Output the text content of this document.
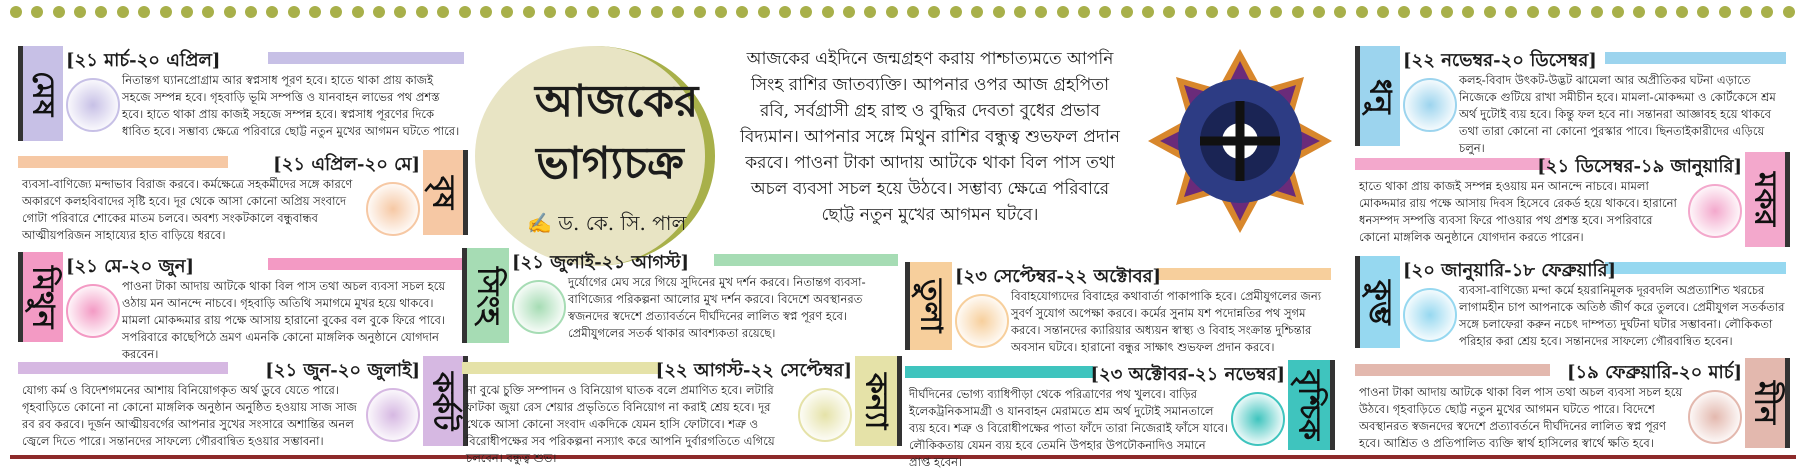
আজকের ভাগ্যচক্র
✍ ড. কে. সি. পাল
আজকের এইদিনে জন্মগ্রহণ করায় পাশ্চাত্যমতে আপনি সিংহ রাশির জাতব্যক্তি। আপনার ওপর আজ গ্রহপিতা রবি, সর্বগ্রাসী গ্রহ রাহু ও বুদ্ধির দেবতা বুধের প্রভাব বিদ্যমান। আপনার সঙ্গে মিথুন রাশির বন্ধুত্ব শুভফল প্রদান করবে। পাওনা টাকা আদায় আটকে থাকা বিল পাস তথা অচল ব্যবসা সচল হয়ে উঠবে। সম্ভাব্য ক্ষেত্রে পরিবারে ছোট্ট নতুন মুখের আগমন ঘটবে।
মেষ
[২১ মার্চ-২০ এপ্রিল]
নিতান্তগ ঘ্যানপ্রোগ্রাম আর স্বপ্নসাধ পূরণ হবে। হাতে থাকা প্রায় কাজই সহজে সম্পন্ন হবে। গৃহবাড়ি ভূমি সম্পত্তি ও যানবাহন লাভের পথ প্রশস্ত হবে। হাতে থাকা প্রায় কাজই সহজে সম্পন্ন হবে। স্বপ্নসাধ পূরণের দিকে ধাবিত হবে। সম্ভাব্য ক্ষেত্রে পরিবারে ছোট্ট নতুন মুখের আগমন ঘটতে পারে।
বৃষ
[২১ এপ্রিল-২০ মে]
ব্যবসা-বাণিজ্যে মন্দাভাব বিরাজ করবে। কর্মক্ষেত্রে সহকর্মীদের সঙ্গে কারণে অকারণে কলহবিবাদের সৃষ্টি হবে। দূর থেকে আসা কোনো অপ্রিয় সংবাদে গোটা পরিবারে শোকের মাতম চলবে। অবশ্য সংকটকালে বন্ধুবান্ধব আত্মীয়পরিজন সাহায্যের হাত বাড়িয়ে ধরবে।
মিথুন [২১ মে-২০ জুন]
পাওনা টাকা আদায় আটকে থাকা বিল পাস তথা অচল ব্যবসা সচল হয়ে ওঠায় মন আনন্দে নাচবে। গৃহবাড়ি অতিথি সমাগমে মুখর হয়ে থাকবে। মামলা মোকদ্দমার রায় পক্ষে আসায় হারানো বুকের বল বুকে ফিরে পাবে। সপরিবারে কাছেপিঠে ভ্রমণ এমনকি কোনো মাঙ্গলিক অনুষ্ঠানে যোগদান করবেন।
কর্কট
[২১ জুন-২০ জুলাই]
যোগ্য কর্ম ও বিদেশগমনের আশায় বিনিয়োগকৃত অর্থ ডুবে যেতে পারে। গৃহবাড়িতে কোনো না কোনো মাঙ্গলিক অনুষ্ঠান অনুষ্ঠিত হওয়ায় সাজ সাজ রব রব করবে। দূর্জন আত্মীয়বর্গের আপনার সুখের সংসারে অশান্তির অনল জ্বেলে দিতে পারে। সন্তানদের সাফল্যে গৌরবান্বিত হওয়ার সম্ভাবনা।
সিংহ
[২১ জুলাই-২১ আগস্ট]
দুর্যোগের মেঘ সরে গিয়ে সুদিনের মুখ দর্শন করবে। নিতান্তগ ব্যবসা-বাণিজ্যের পরিকল্পনা আলোর মুখ দর্শন করবে। বিদেশে অবস্থানরত স্বজনদের স্বদেশে প্রত্যাবর্তনে দীর্ঘদিনের লালিত স্বপ্ন পূরণ হবে। প্রেমীযুগলের সতর্ক থাকার আবশ্যকতা রয়েছে।
কন্যা
[২২ আগস্ট-২২ সেপ্টেম্বর]
না বুঝে চুক্তি সম্পাদন ও বিনিয়োগ ঘাতক বলে প্রমাণিত হবে। লটারি ফাটকা জুয়া রেস শেয়ার প্রভৃতিতে বিনিয়োগ না করাই শ্রেয় হবে। দূর থেকে আসা কোনো সংবাদ একদিকে যেমন হাসি ফোটাবে। শত্রু ও বিরোধীপক্ষের সব পরিকল্পনা নস্যাৎ করে আপনি দুর্বারগতিতে এগিয়ে চলবেন। বন্ধুত্ব শুভ।
তুলা
[২৩ সেপ্টেম্বর-২২ অক্টোবর]
বিবাহযোগ্যদের বিবাহের কথাবার্তা পাকাপাকি হবে। প্রেমীযুগলের জন্য সুবর্ণ সুযোগ অপেক্ষা করবে। কর্মের সুনাম যশ পদোন্নতির পথ সুগম করবে। সন্তানদের ক্যারিয়ার অধ্যয়ন স্বাস্থ্য ও বিবাহ সংক্রান্ত দুশ্চিন্তার অবসান ঘটবে। হারানো বন্ধুর সাক্ষাৎ শুভফল প্রদান করবে।
বৃশ্চিক
[২৩ অক্টোবর-২১ নভেম্বর]
দীর্ঘদিনের ভোগ্য ব্যাধিপীড়া থেকে পরিত্রাণের পথ খুলবে। বাড়ির ইলেকট্রনিকসামগ্রী ও যানবাহন মেরামতে শ্রম অর্থ দুটোই সমানতালে ব্যয় হবে। শত্রু ও বিরোধীপক্ষের পাতা ফাঁদে তারা নিজেরাই ফাঁসে যাবে। লৌকিকতায় যেমন ব্যয় হবে তেমনি উপহার উপঢৌকনাদিও সমানে প্রাপ্ত হবেন।
ধনু
[২২ নভেম্বর-২০ ডিসেম্বর]
কলহ-বিবাদ উৎকট-উদ্ভট ঝামেলা আর অপ্রীতিকর ঘটনা এড়াতে নিজেকে গুটিয়ে রাখা সমীচীন হবে। মামলা-মোকদ্দমা ও কোর্টকেসে শ্রম অর্থ দুটোই ব্যয় হবে। কিন্তু ফল হবে না। সন্তানরা আজ্ঞাবহ হয়ে থাকবে তথা তারা কোনো না কোনো পুরস্কার পাবে। ছিনতাইকারীদের এড়িয়ে চলুন।
মকর
[২১ ডিসেম্বর-১৯ জানুয়ারি]
হাতে থাকা প্রায় কাজই সম্পন্ন হওয়ায় মন আনন্দে নাচবে। মামলা মোকদ্দমার রায় পক্ষে আসায় দিবস হিসেবে রেকর্ড হয়ে থাকবে। হারানো ধনসম্পদ সম্পত্তি ব্যবসা ফিরে পাওয়ার পথ প্রশস্ত হবে। সপরিবারে কোনো মাঙ্গলিক অনুষ্ঠানে যোগদান করতে পারেন।
কুম্ভ
[২০ জানুয়ারি-১৮ ফেব্রুয়ারি]
ব্যবসা-বাণিজ্যে মন্দা কর্মে হয়রানিমূলক দূরবদলি অপ্রত্যাশিত খরচের লাগামহীন চাপ আপনাকে অতিষ্ঠ জীর্ণ করে তুলবে। প্রেমীযুগল সতর্কতার সঙ্গে চলাফেরা করুন নচেৎ দাম্পত্য দুর্ঘটনা ঘটার সম্ভাবনা। লৌকিকতা পরিহার করা শ্রেয় হবে। সন্তানদের সাফল্যে গৌরবান্বিত হবেন।
মীন
[১৯ ফেব্রুয়ারি-২০ মার্চ]
পাওনা টাকা আদায় আটকে থাকা বিল পাস তথা অচল ব্যবসা সচল হয়ে উঠবে। গৃহবাড়িতে ছোট্ট নতুন মুখের আগমন ঘটতে পারে। বিদেশে অবস্থানরত স্বজনদের স্বদেশে প্রত্যাবর্তনে দীর্ঘদিনের লালিত স্বপ্ন পূরণ হবে। আশ্রিত ও প্রতিপালিত ব্যক্তি স্বার্থ হাসিলের স্বার্থে ক্ষতি হবে।
